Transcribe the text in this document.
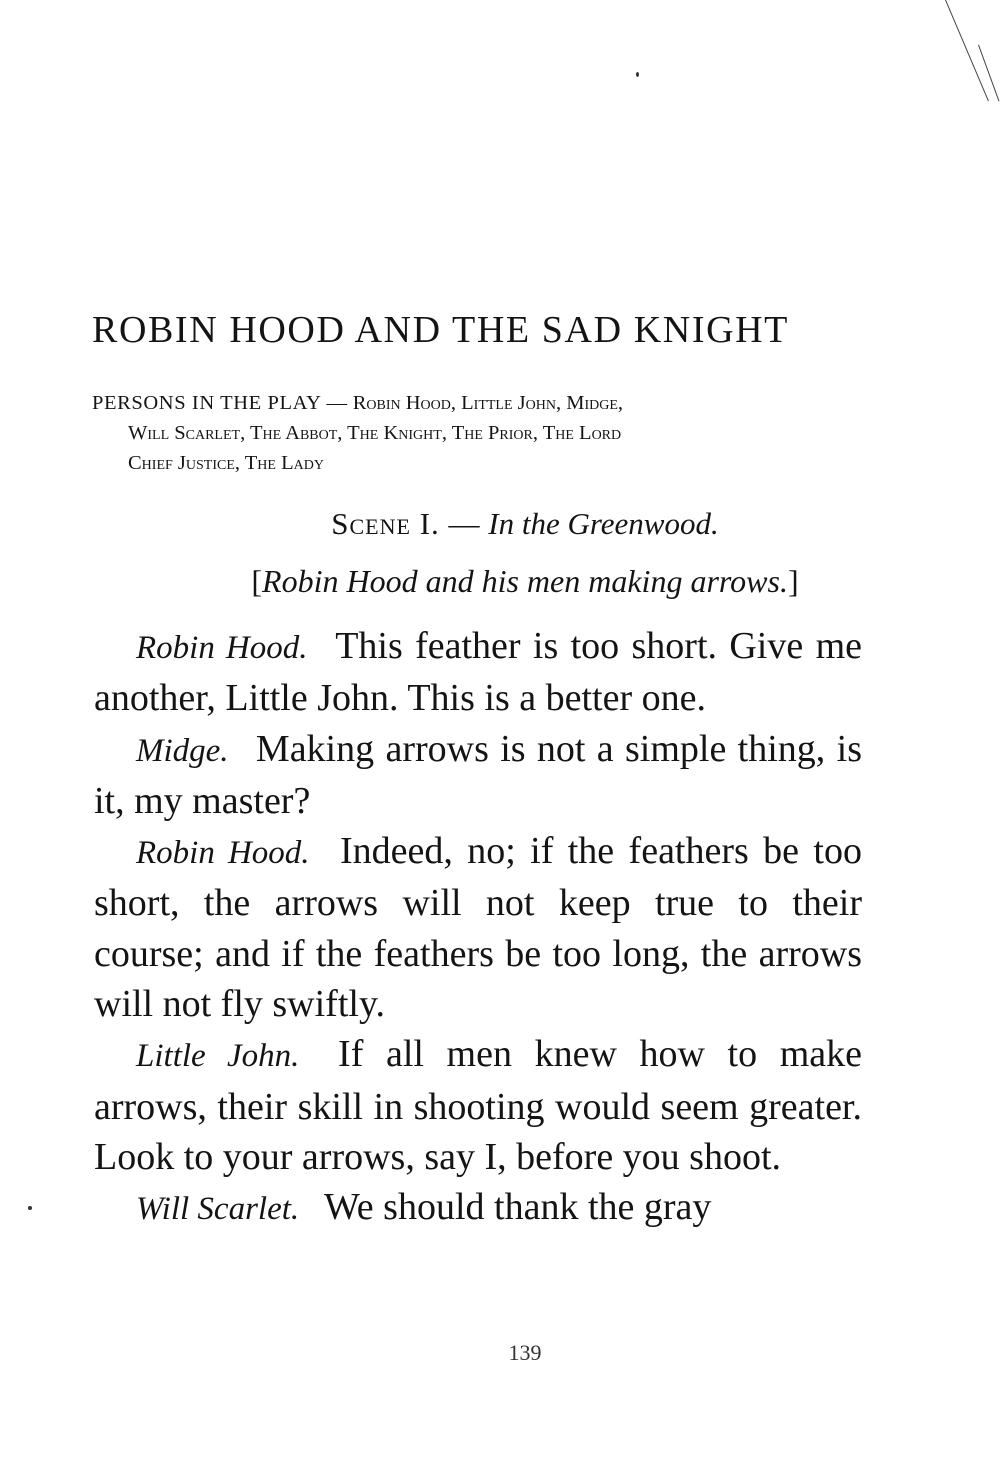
ROBIN HOOD AND THE SAD KNIGHT
PERSONS IN THE PLAY — Robin Hood, Little John, Midge,
Will Scarlet, The Abbot, The Knight, The Prior, The Lord
Chief Justice, The Lady
Scene I. — In the Greenwood.
[Robin Hood and his men making arrows.]

Robin Hood. This feather is too short. Give me another, Little John. This is a better one.

Midge. Making arrows is not a simple thing, is it, my master?

Robin Hood. Indeed, no; if the feathers be too short, the arrows will not keep true to their course; and if the feathers be too long, the arrows will not fly swiftly.

Little John. If all men knew how to make arrows, their skill in shooting would seem greater. Look to your arrows, say I, before you shoot.

Will Scarlet. We should thank the gray

139
